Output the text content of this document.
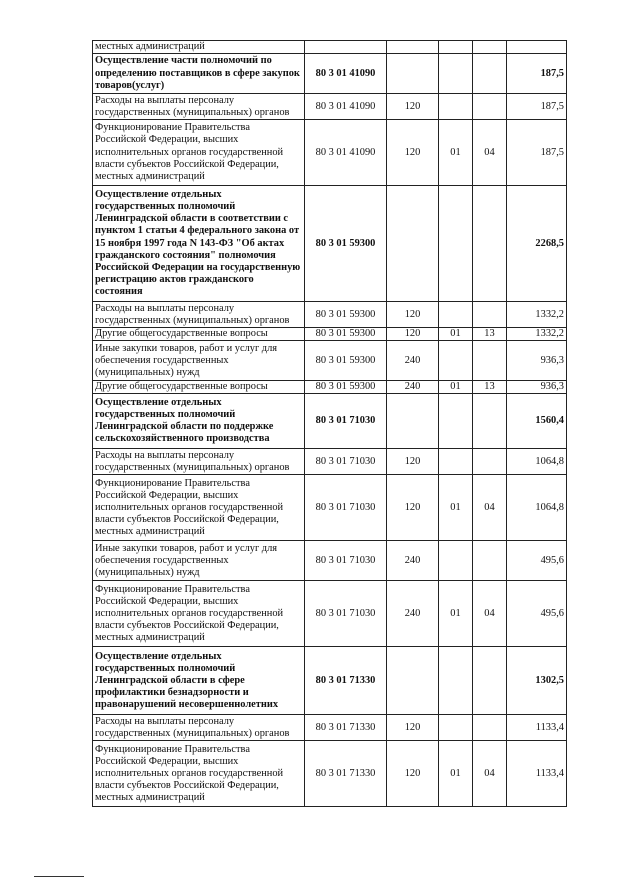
местных администраций					
Осуществление части полномочий по определению поставщиков в сфере закупок товаров(услуг)	80 3 01 41090				187,5
Расходы на выплаты персоналу государственных (муниципальных) органов	80 3 01 41090	120			187,5
Функционирование Правительства Российской Федерации, высших исполнительных органов государственной власти субъектов Российской Федерации, местных администраций	80 3 01 41090	120	01	04	187,5
Осуществление отдельных государственных полномочий Ленинградской области в соответствии с пунктом 1 статьи 4 федерального закона от 15 ноября 1997 года N 143-ФЗ "Об актах гражданского состояния" полномочия Российской Федерации на государственную регистрацию актов гражданского состояния	80 3 01 59300				2268,5
Расходы на выплаты персоналу государственных (муниципальных) органов	80 3 01 59300	120			1332,2
Другие общегосударственные вопросы	80 3 01 59300	120	01	13	1332,2
Иные закупки товаров, работ и услуг для обеспечения государственных (муниципальных) нужд	80 3 01 59300	240			936,3
Другие общегосударственные вопросы	80 3 01 59300	240	01	13	936,3
Осуществление отдельных государственных полномочий Ленинградской области по поддержке сельскохозяйственного производства	80 3 01 71030				1560,4
Расходы на выплаты персоналу государственных (муниципальных) органов	80 3 01 71030	120			1064,8
Функционирование Правительства Российской Федерации, высших исполнительных органов государственной власти субъектов Российской Федерации, местных администраций	80 3 01 71030	120	01	04	1064,8
Иные закупки товаров, работ и услуг для обеспечения государственных (муниципальных) нужд	80 3 01 71030	240			495,6
Функционирование Правительства Российской Федерации, высших исполнительных органов государственной власти субъектов Российской Федерации, местных администраций	80 3 01 71030	240	01	04	495,6
Осуществление отдельных государственных полномочий Ленинградской области в сфере профилактики безнадзорности и правонарушений несовершеннолетних	80 3 01 71330				1302,5
Расходы на выплаты персоналу государственных (муниципальных) органов	80 3 01 71330	120			1133,4
Функционирование Правительства Российской Федерации, высших исполнительных органов государственной власти субъектов Российской Федерации, местных администраций	80 3 01 71330	120	01	04	1133,4
